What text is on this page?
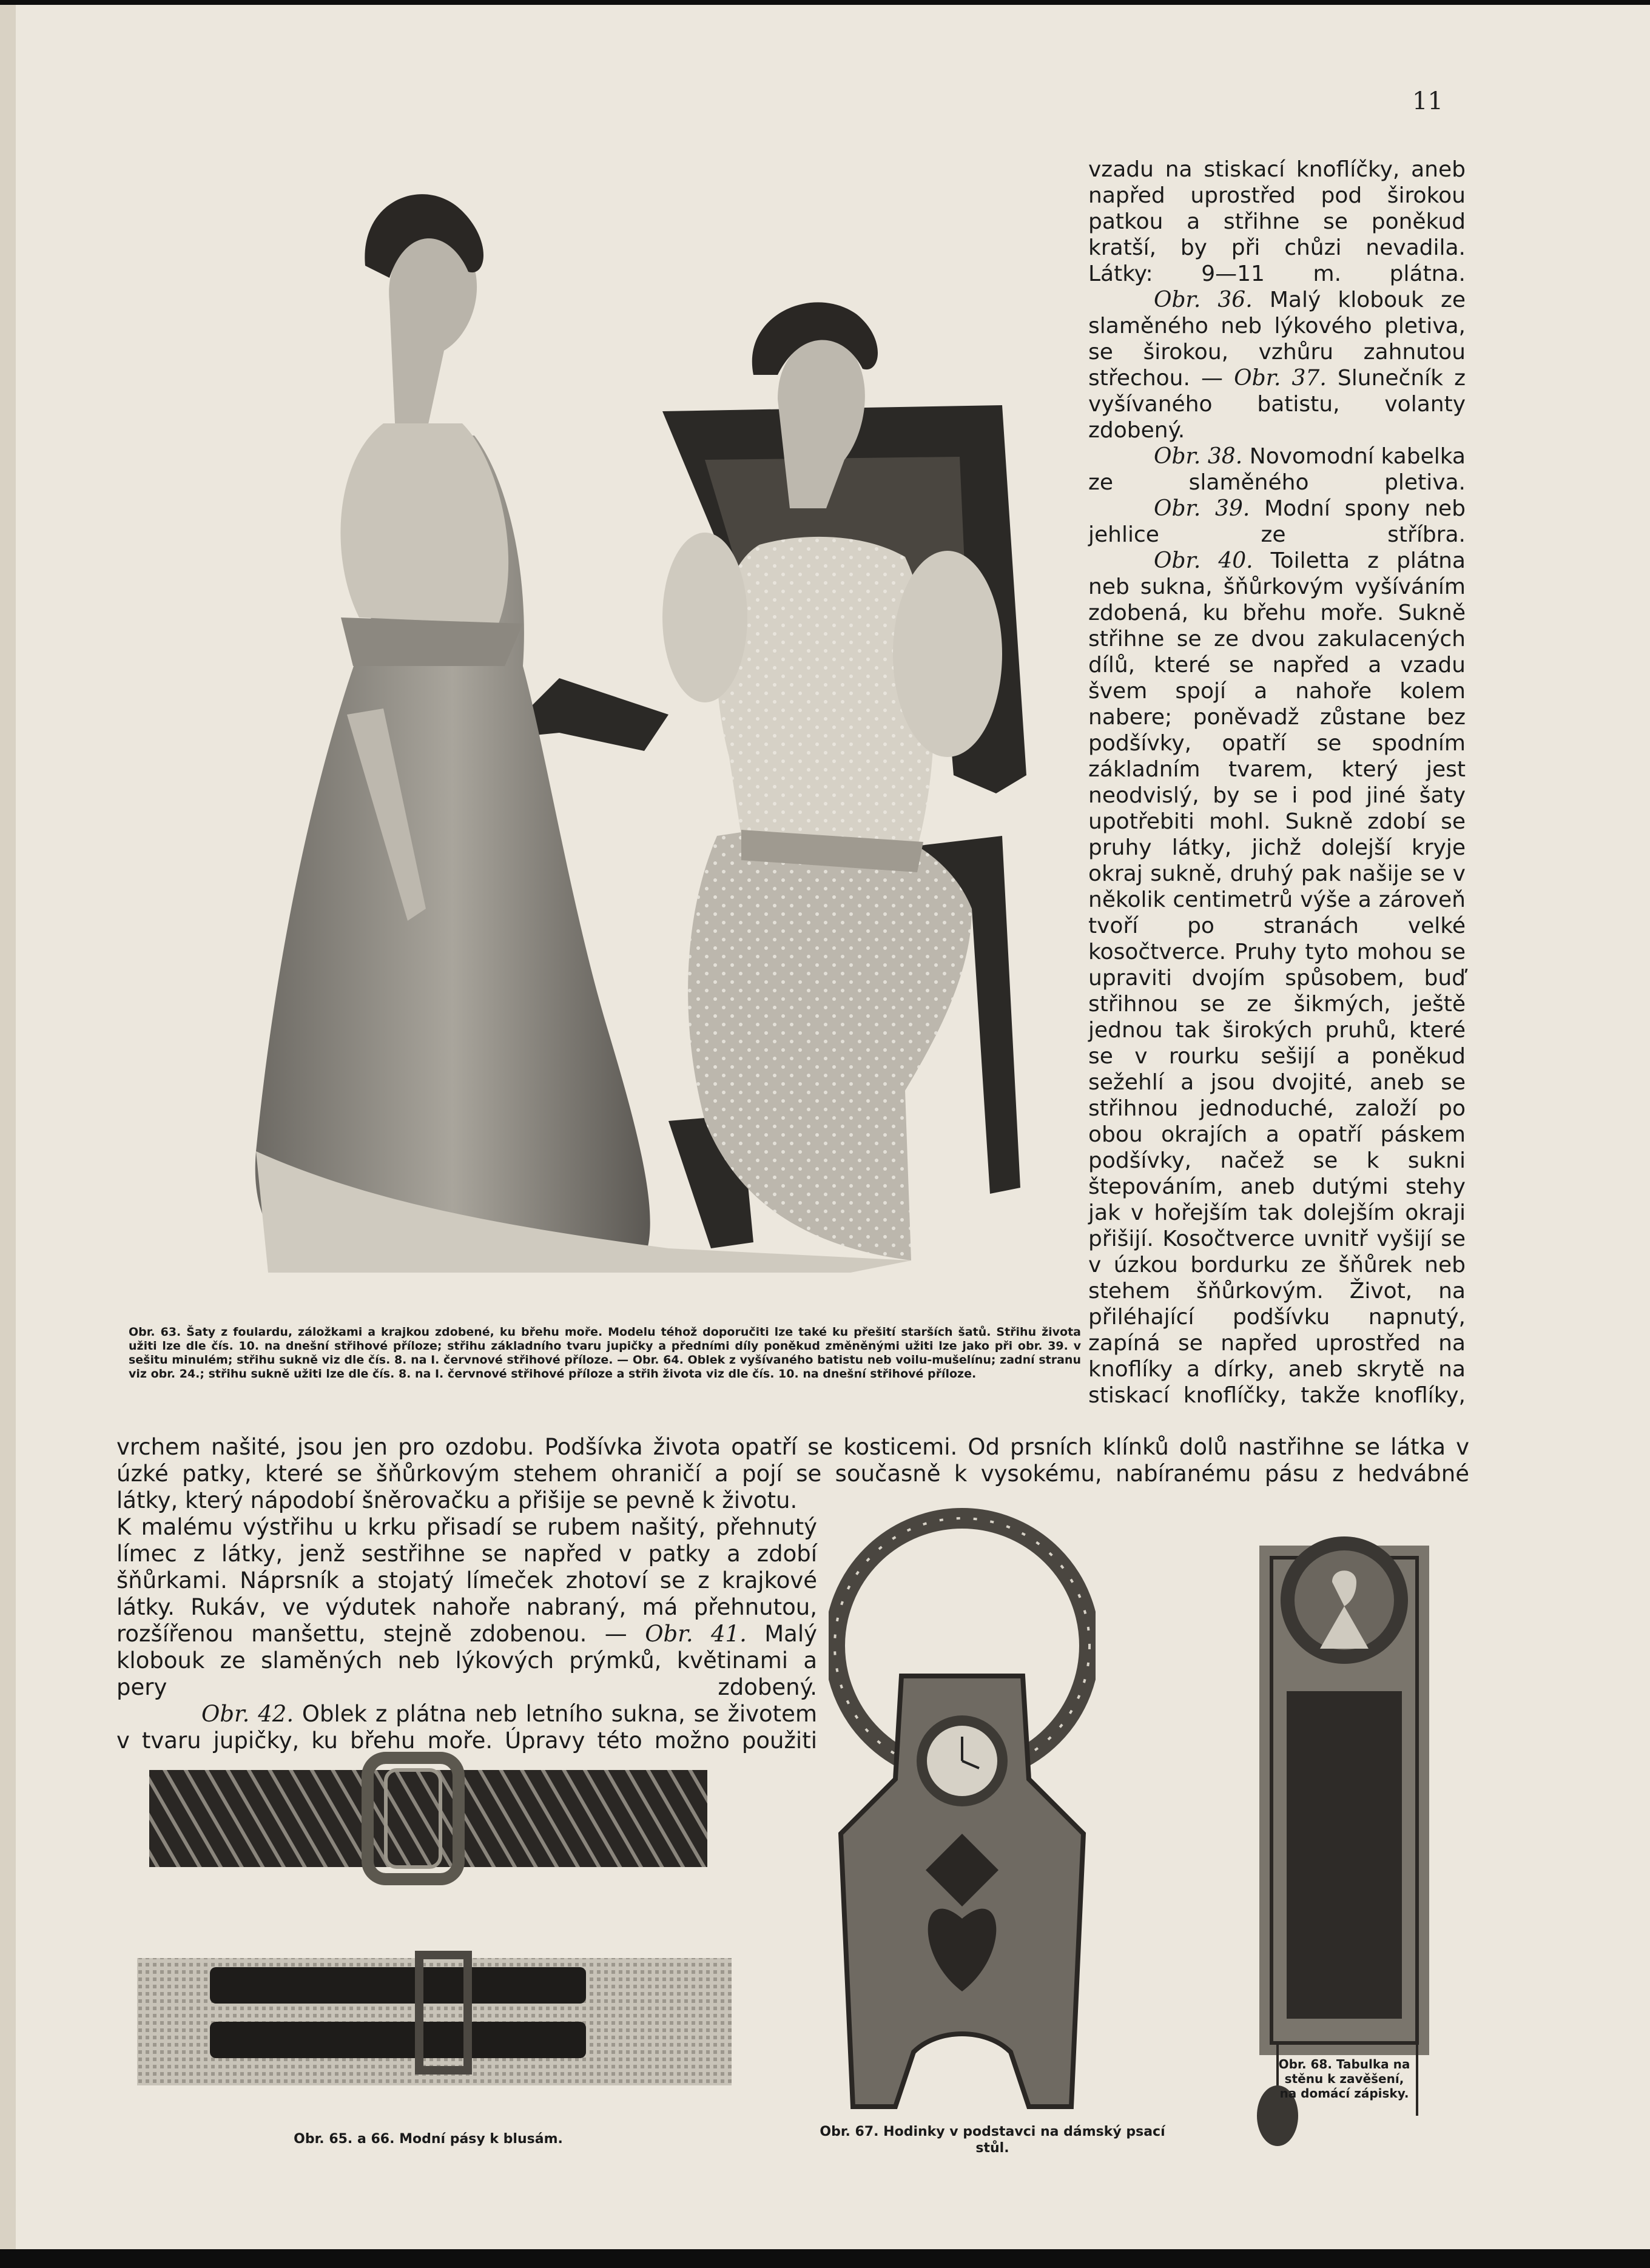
11

vzadu na stiskací knoflíčky, aneb napřed uprostřed pod širokou patkou a střihne se poněkud kratší, by při chůzi nevadila. Látky: 9—11 m. plátna.

Obr. 36. Malý klobouk ze slaměného neb lýkového pletiva, se širokou, vzhůru zahnutou střechou. — Obr. 37. Slunečník z vyšívaného batistu, volanty zdobený.

Obr. 38. Novomodní kabelka ze slaměného pletiva.

Obr. 39. Modní spony neb jehlice ze stříbra.

Obr. 40. Toiletta z plátna neb sukna, šňůrkovým vyšíváním zdobená, ku břehu moře. Sukně střihne se ze dvou zakulacených dílů, které se napřed a vzadu švem spojí a nahoře kolem nabere; poněvadž zůstane bez podšívky, opatří se spodním základním tvarem, který jest neodvislý, by se i pod jiné šaty upotřebiti mohl. Sukně zdobí se pruhy látky, jichž dolejší kryje okraj sukně, druhý pak našije se v několik centimetrů výše a zároveň tvoří po stranách velké kosočtverce. Pruhy tyto mohou se upraviti dvojím spůsobem, buď střihnou se ze šikmých, ještě jednou tak širokých pruhů, které se v rourku sešijí a poněkud sežehlí a jsou dvojité, aneb se střihnou jednoduché, založí po obou okrajích a opatří páskem podšívky, načež se k sukni štepováním, aneb dutými stehy jak v hořejším tak dolejším okraji přišijí. Kosočtverce uvnitř vyšijí se v úzkou bordurku ze šňůrek neb stehem šňůrkovým. Život, na přiléhající podšívku napnutý, zapíná se napřed uprostřed na knoflíky a dírky, aneb skrytě na stiskací knoflíčky, takže knoflíky,

Obr. 63. Šaty z foulardu, záložkami a krajkou zdobené, ku břehu moře. Modelu téhož doporučiti lze také ku přešití starších šatů. Střihu života užiti lze dle čís. 10. na dnešní střihové příloze; střihu základního tvaru jupičky a předními díly poněkud změněnými užiti lze jako při obr. 39. v sešitu minulém; střihu sukně viz dle čís. 8. na I. červnové střihové příloze. — Obr. 64. Oblek z vyšívaného batistu neb voilu-mušelínu; zadní stranu viz obr. 24.; střihu sukně užiti lze dle čís. 8. na I. červnové střihové příloze a střih života viz dle čís. 10. na dnešní střihové příloze.

vrchem našité, jsou jen pro ozdobu. Podšívka života opatří se kosticemi. Od prsních klínků dolů nastřihne se látka v úzké patky, které se šňůrkovým stehem ohraničí a pojí se současně k vysokému, nabíranému pásu z hedvábné

látky, který nápodobí šněrovačku a přišije se pevně k životu.

K malému výstřihu u krku přisadí se rubem našitý, přehnutý límec z látky, jenž sestřihne se napřed v patky a zdobí šňůrkami. Náprsník a stojatý límeček zhotoví se z krajkové látky. Rukáv, ve výdutek nahoře nabraný, má přehnutou, rozšířenou manšettu, stejně zdobenou. — Obr. 41. Malý klobouk ze slaměných neb lýkových prýmků, květinami a pery zdobený.

Obr. 42. Oblek z plátna neb letního sukna, se životem v tvaru jupičky, ku břehu moře. Úpravy této možno použiti

Obr. 65. a 66. Modní pásy k blusám.	Obr. 67. Hodinky v podstavci na dámský psací stůl.
Obr. 68. Tabulka na stěnu k zavěšení, na domácí zápisky.
